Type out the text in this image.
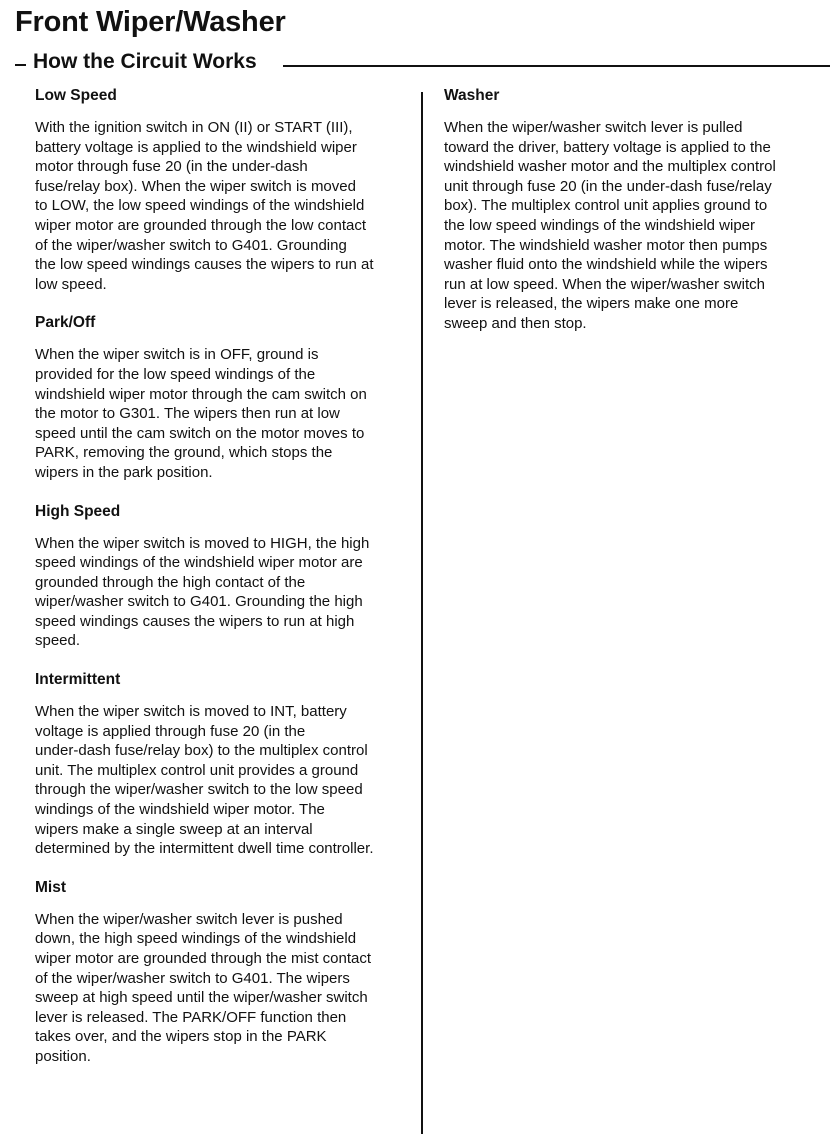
Front Wiper/Washer
How the Circuit Works
Low Speed

With the ignition switch in ON (II) or START (III),
battery voltage is applied to the windshield wiper
motor through fuse 20 (in the under-dash
fuse/relay box). When the wiper switch is moved
to LOW, the low speed windings of the windshield
wiper motor are grounded through the low contact
of the wiper/washer switch to G401. Grounding
the low speed windings causes the wipers to run at
low speed.

Park/Off

When the wiper switch is in OFF, ground is
provided for the low speed windings of the
windshield wiper motor through the cam switch on
the motor to G301. The wipers then run at low
speed until the cam switch on the motor moves to
PARK, removing the ground, which stops the
wipers in the park position.

High Speed

When the wiper switch is moved to HIGH, the high
speed windings of the windshield wiper motor are
grounded through the high contact of the
wiper/washer switch to G401. Grounding the high
speed windings causes the wipers to run at high
speed.

Intermittent

When the wiper switch is moved to INT, battery
voltage is applied through fuse 20 (in the
under-dash fuse/relay box) to the multiplex control
unit. The multiplex control unit provides a ground
through the wiper/washer switch to the low speed
windings of the windshield wiper motor. The
wipers make a single sweep at an interval
determined by the intermittent dwell time controller.

Mist

When the wiper/washer switch lever is pushed
down, the high speed windings of the windshield
wiper motor are grounded through the mist contact
of the wiper/washer switch to G401. The wipers
sweep at high speed until the wiper/washer switch
lever is released. The PARK/OFF function then
takes over, and the wipers stop in the PARK
position.

Washer

When the wiper/washer switch lever is pulled
toward the driver, battery voltage is applied to the
windshield washer motor and the multiplex control
unit through fuse 20 (in the under-dash fuse/relay
box). The multiplex control unit applies ground to
the low speed windings of the windshield wiper
motor. The windshield washer motor then pumps
washer fluid onto the windshield while the wipers
run at low speed. When the wiper/washer switch
lever is released, the wipers make one more
sweep and then stop.
